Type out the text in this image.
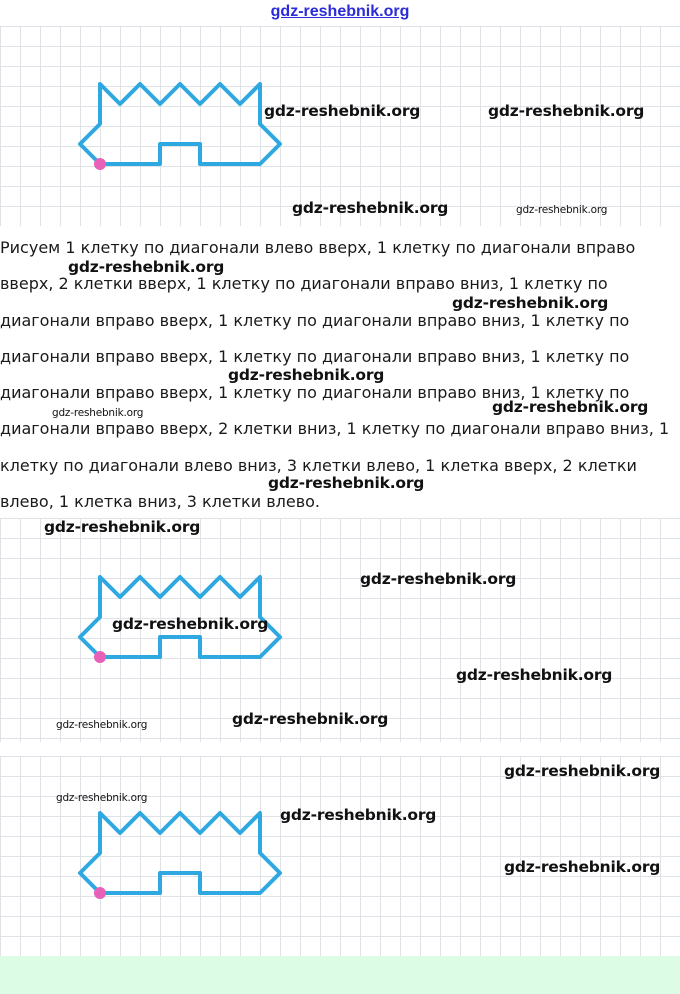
gdz-reshebnik.org
gdz-reshebnik.org	gdz-reshebnik.org
gdz-reshebnik.org	gdz-reshebnik.org

Рисуем 1 клетку по диагонали влево вверх, 1 клетку по диагонали вправо вверх, 2 клетки вверх, 1 клетку по диагонали вправо вниз, 1 клетку по диагонали вправо вверх, 1 клетку по диагонали вправо вниз, 1 клетку по диагонали вправо вверх, 1 клетку по диагонали вправо вниз, 1 клетку по диагонали вправо вверх, 1 клетку по диагонали вправо вниз, 1 клетку по диагонали вправо вверх, 2 клетки вниз, 1 клетку по диагонали вправо вниз, 1 клетку по диагонали влево вниз, 3 клетки влево, 1 клетка вверх, 2 клетки влево, 1 клетка вниз, 3 клетки влево.

gdz-reshebnik.org
gdz-reshebnik.org
gdz-reshebnik.org
gdz-reshebnik.org	gdz-reshebnik.org
gdz-reshebnik.org
gdz-reshebnik.org
gdz-reshebnik.org
gdz-reshebnik.org
gdz-reshebnik.org
gdz-reshebnik.org
gdz-reshebnik.org
gdz-reshebnik.org
gdz-reshebnik.org
gdz-reshebnik.org
gdz-reshebnik.org
